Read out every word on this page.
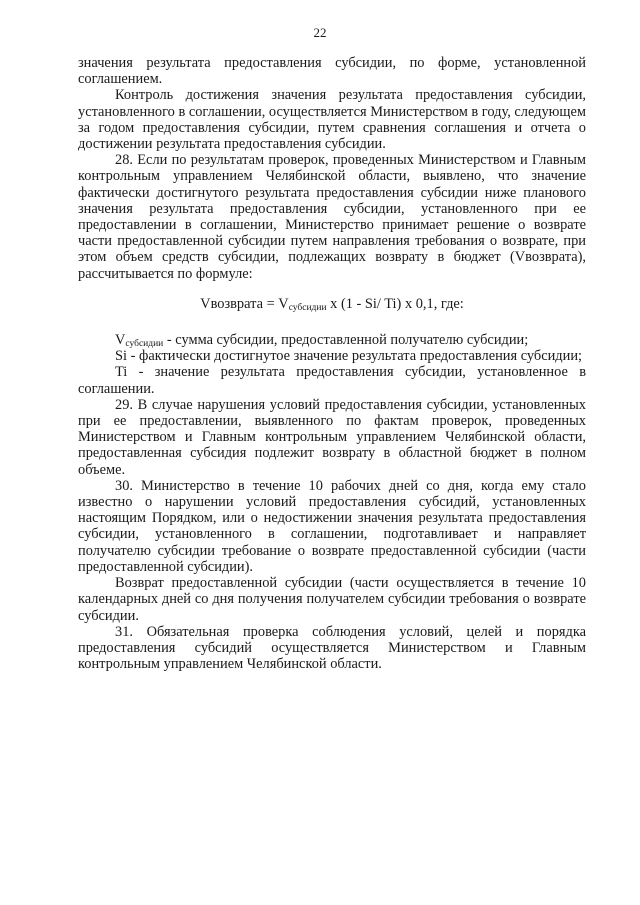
22

значения результата предоставления субсидии, по форме, установленной соглашением.

Контроль достижения значения результата предоставления субсидии, установленного в соглашении, осуществляется Министерством в году, следующем за годом предоставления субсидии, путем сравнения соглашения и отчета о достижении результата предоставления субсидии.

28. Если по результатам проверок, проведенных Министерством и Главным контрольным управлением Челябинской области, выявлено, что значение фактически достигнутого результата предоставления субсидии ниже планового значения результата предоставления субсидии, установленного при ее предоставлении в соглашении, Министерство принимает решение о возврате части предоставленной субсидии путем направления требования о возврате, при этом объем средств субсидии, подлежащих возврату в бюджет (Vвозврата), рассчитывается по формуле:

Vвозврата = $V_{субсидии}$ x (1 - Si/ Ti) x 0,1, где:

$V_{субсидии}$ - сумма субсидии, предоставленной получателю субсидии;

Si - фактически достигнутое значение результата предоставления субсидии;

Ti - значение результата предоставления субсидии, установленное в соглашении.

29. В случае нарушения условий предоставления субсидии, установленных при ее предоставлении, выявленного по фактам проверок, проведенных Министерством и Главным контрольным управлением Челябинской области, предоставленная субсидия подлежит возврату в областной бюджет в полном объеме.

30. Министерство в течение 10 рабочих дней со дня, когда ему стало известно о нарушении условий предоставления субсидий, установленных настоящим Порядком, или о недостижении значения результата предоставления субсидии, установленного в соглашении, подготавливает и направляет получателю субсидии требование о возврате предоставленной субсидии (части предоставленной субсидии).

Возврат предоставленной субсидии (части осуществляется в течение 10 календарных дней со дня получения получателем субсидии требования о возврате субсидии.

31. Обязательная проверка соблюдения условий, целей и порядка предоставления субсидий осуществляется Министерством и Главным контрольным управлением Челябинской области.
